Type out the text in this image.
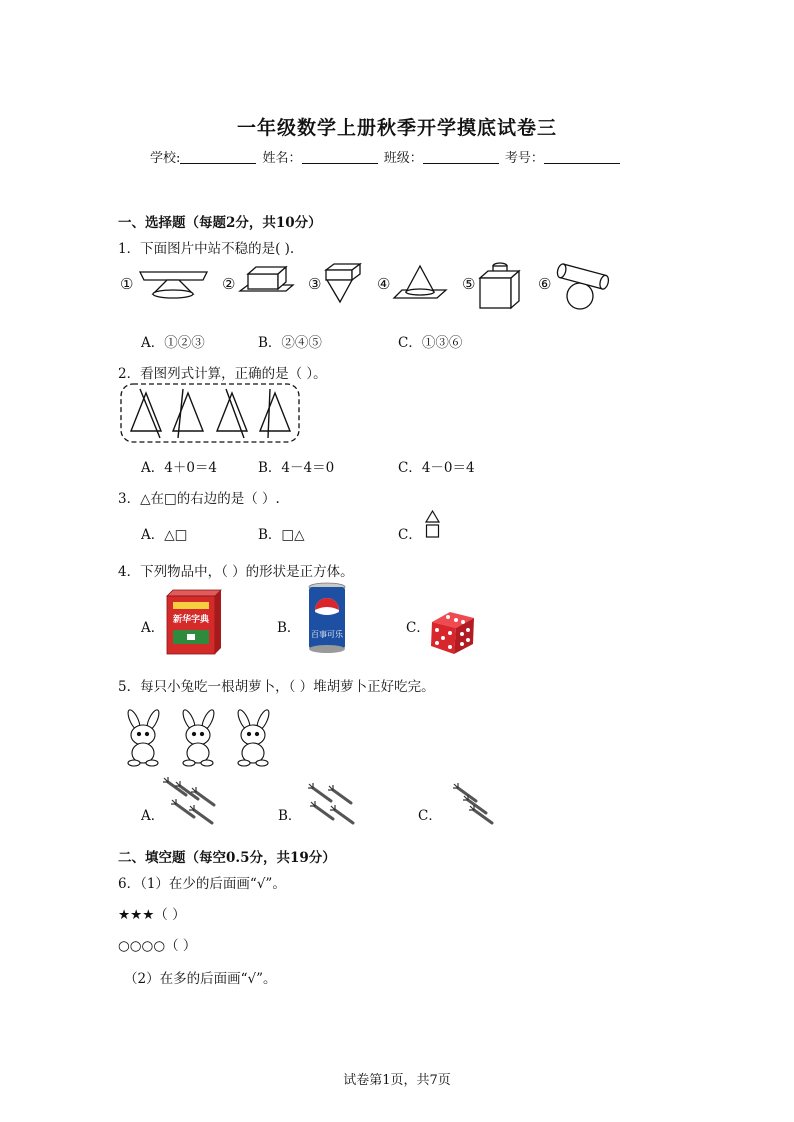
一年级数学上册秋季开学摸底试卷三
学校:	姓名：	班级：	考号：
一、选择题（每题2分，共10分）
1．下面图片中站不稳的是( ).
①	②	③	④	⑤	⑥
A．①②③	B．②④⑤	C．①③⑥
2．看图列式计算，正确的是（ ）。
A．4＋0＝4	B．4－4＝0	C．4－0＝4
3．△在□的右边的是（ ）.
A．△□	B．□△	C．
4．下列物品中，（ ）的形状是正方体。
A． 新华字典	B． 百事可乐	C．
5．每只小兔吃一根胡萝卜，（ ）堆胡萝卜正好吃完。
A．	B．	C．
二、填空题（每空0.5分，共19分）
6．（1）在少的后面画“√”。
★★★（ ）
○○○○（ ）
（2）在多的后面画“√”。
试卷第1页，共7页
